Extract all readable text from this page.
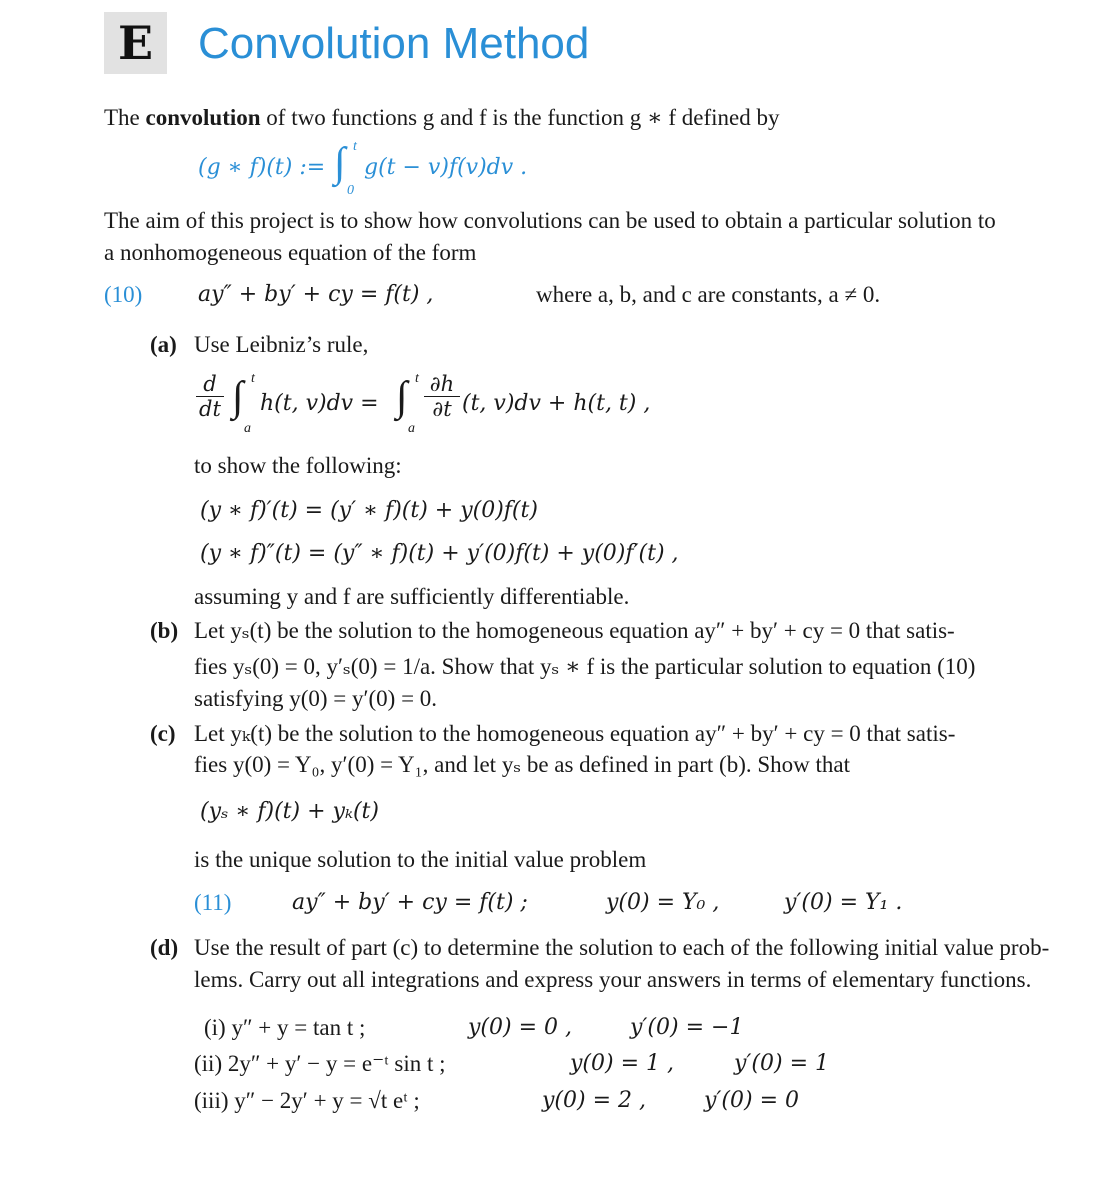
E	Convolution Method
The convolution of two functions g and f is the function g ∗ f defined by
(g ∗ f)(t) := ∫ t
0
g(t − v)f(v)dv .
The aim of this project is to show how convolutions can be used to obtain a particular solution to
a nonhomogeneous equation of the form
(10)	ay″ + by′ + cy = f(t) ,	where a, b, and c are constants, a ≠ 0.
(a) Use Leibniz’s rule,
$\frac{d}{dt}$ ∫ t
a
h(t, v)dv = ∫ t
a
$\frac{\partial h}{\partial t} (t$, v)dv + h(t, t) ,
to show the following:
(y ∗ f)′(t) = (y′ ∗ f)(t) + y(0)f(t)
(y ∗ f)″(t) = (y″ ∗ f)(t) + y′(0)f(t) + y(0)f′(t) ,
assuming y and f are sufficiently differentiable.
(b) Let yₛ(t) be the solution to the homogeneous equation ay″ + by′ + cy = 0 that satis-
fies yₛ(0) = 0, y′ₛ(0) = 1/a. Show that yₛ ∗ f is the particular solution to equation (10)
satisfying y(0) = y′(0) = 0.
(c) Let yₖ(t) be the solution to the homogeneous equation ay″ + by′ + cy = 0 that satis-
fies y(0) = Y₀, y′(0) = Y₁, and let yₛ be as defined in part (b). Show that
(yₛ ∗ f)(t) + yₖ(t)
is the unique solution to the initial value problem
(11)	ay″ + by′ + cy = f(t) ;	y(0) = Y₀ ,	y′(0) = Y₁ .
(d) Use the result of part (c) to determine the solution to each of the following initial value prob-
lems. Carry out all integrations and express your answers in terms of elementary functions.
(i) y″ + y = tan t ;	y(0) = 0 ,	y′(0) = −1
(ii) 2y″ + y′ − y = e⁻ᵗ sin t ;	y(0) = 1 ,	y′(0) = 1
(iii) y″ − 2y′ + y = √t eᵗ ;	y(0) = 2 ,	y′(0) = 0
